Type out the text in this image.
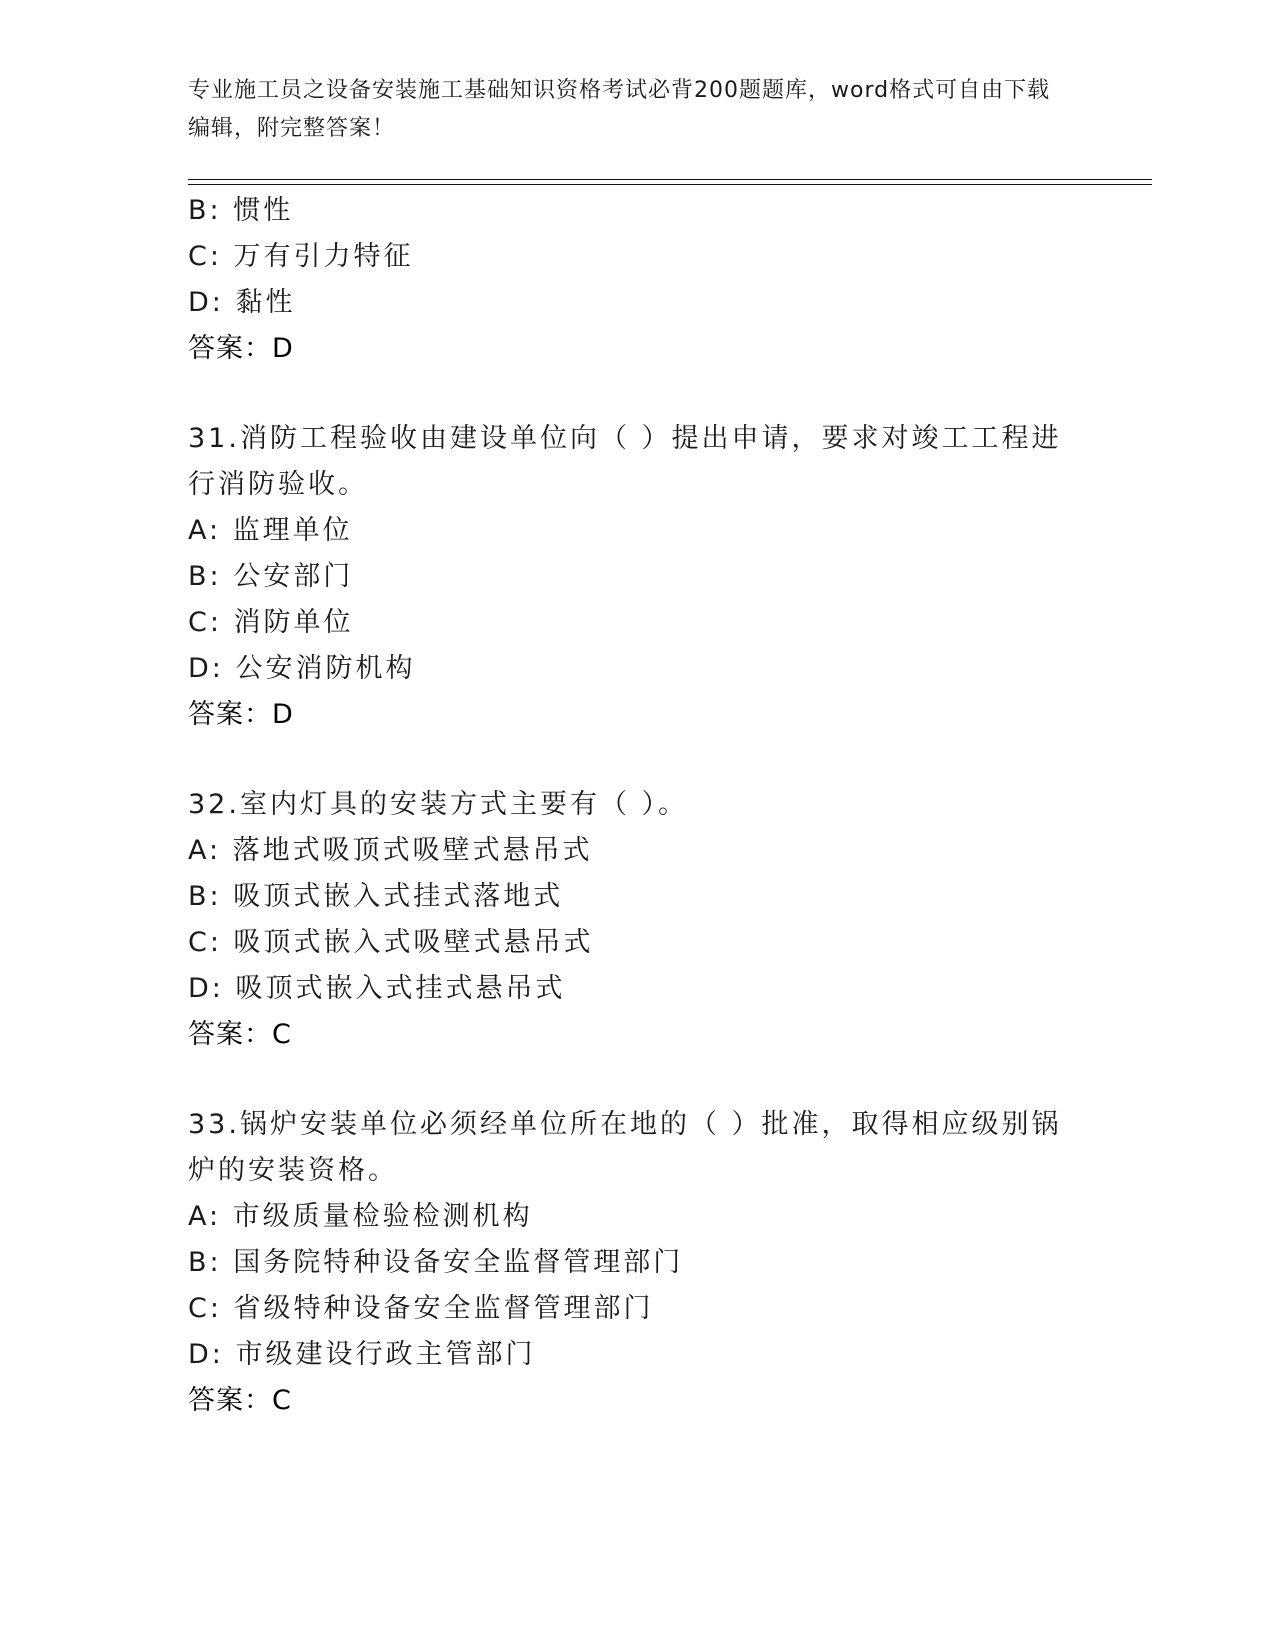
专业施工员之设备安装施工基础知识资格考试必背200题题库，word格式可自由下载编辑，附完整答案！
B: 惯性
C: 万有引力特征
D: 黏性
答案：D
31.消防工程验收由建设单位向（ ）提出申请，要求对竣工工程进行消防验收。
A: 监理单位
B: 公安部门
C: 消防单位
D: 公安消防机构
答案：D
32.室内灯具的安装方式主要有（ ）。
A: 落地式吸顶式吸壁式悬吊式
B: 吸顶式嵌入式挂式落地式
C: 吸顶式嵌入式吸壁式悬吊式
D: 吸顶式嵌入式挂式悬吊式
答案：C
33.锅炉安装单位必须经单位所在地的（ ）批准，取得相应级别锅炉的安装资格。
A: 市级质量检验检测机构
B: 国务院特种设备安全监督管理部门
C: 省级特种设备安全监督管理部门
D: 市级建设行政主管部门
答案：C
